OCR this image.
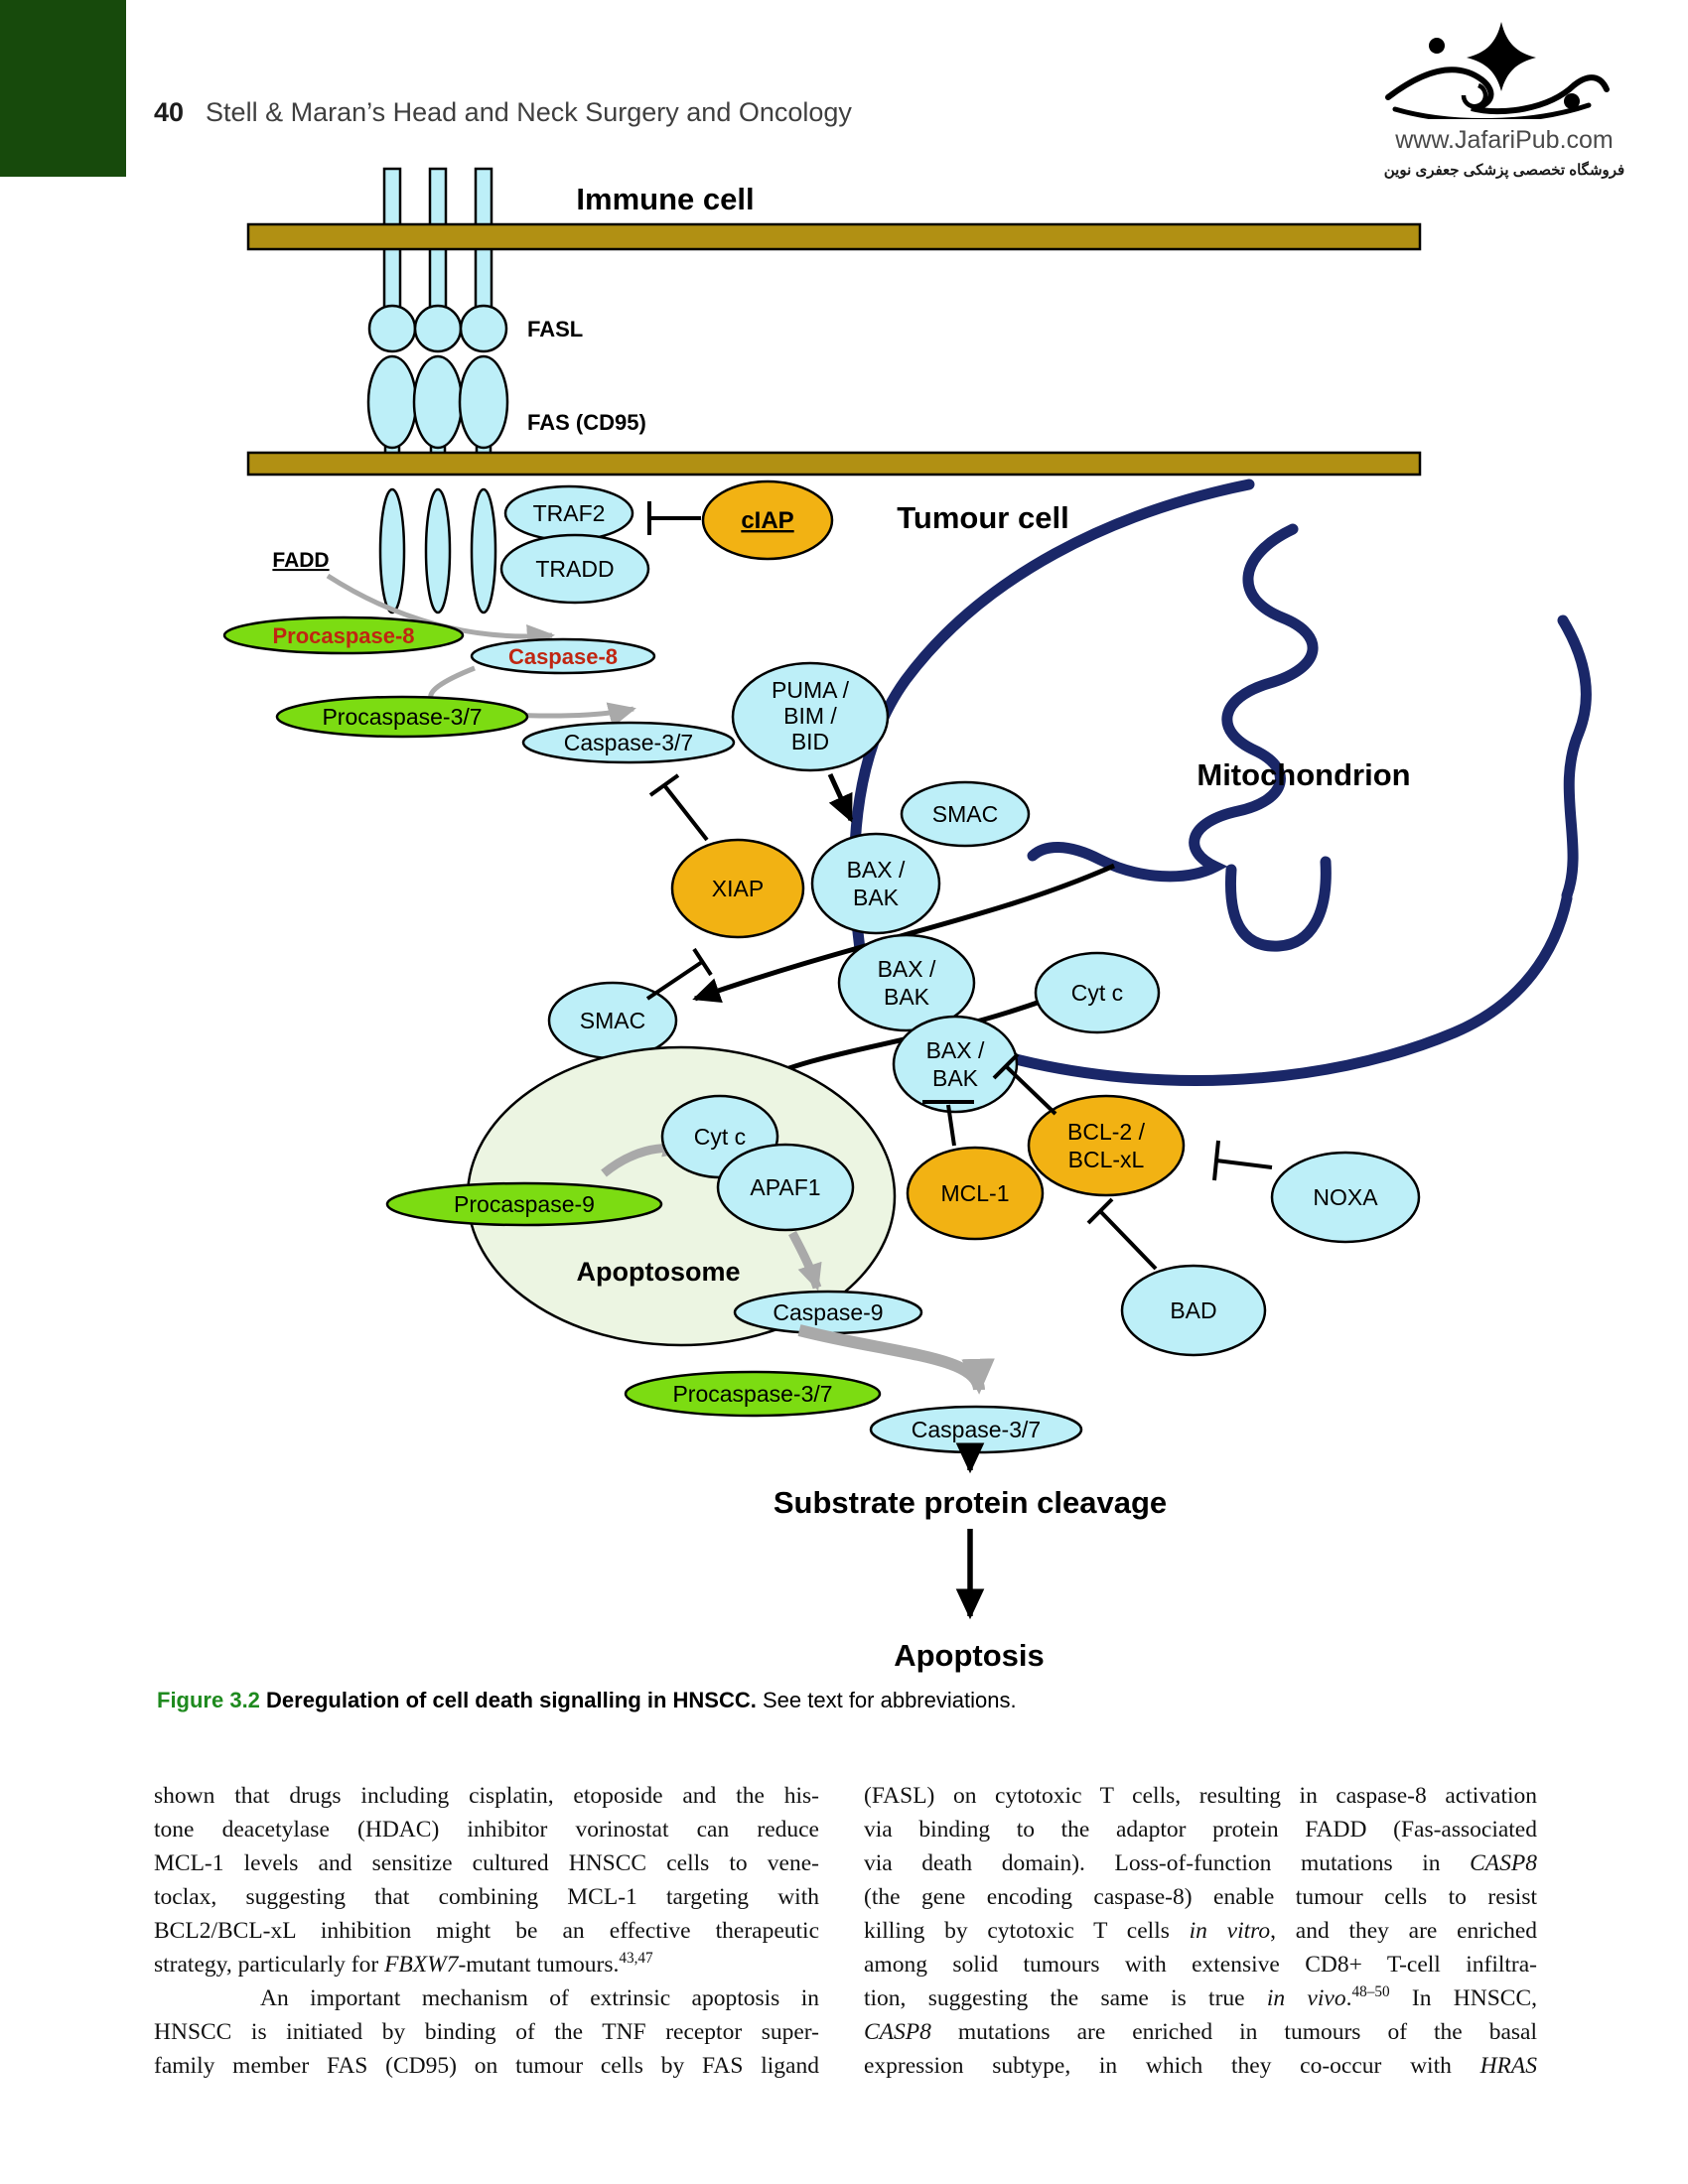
40 Stell & Maran’s Head and Neck Surgery and Oncology
www.JafariPub.com
فروشگاه تخصصی پزشکی جعفری نوین
Immune cell
FASL
FAS (CD95)
Tumour cell
FADD
Mitochondrion
TRAF2
TRADD
cIAP
Procaspase-8
Caspase-8
Procaspase-3/7
Caspase-3/7
PUMA /
BIM /
BID
SMAC
BAX /
BAK
BAX /
BAK	Cyt c
BAX /
BAK
SMAC
XIAP
Cyt c
APAF1
Procaspase-9
Apoptosome
Caspase-9
MCL-1
BCL-2 /
BCL-xL
NOXA
BAD
Procaspase-3/7
Caspase-3/7
Substrate protein cleavage
Apoptosis
Figure 3.2 Deregulation of cell death signalling in HNSCC. See text for abbreviations.
shown that drugs including cisplatin, etoposide and the his-
tone deacetylase (HDAC) inhibitor vorinostat can reduce
MCL-1 levels and sensitize cultured HNSCC cells to vene-
toclax, suggesting that combining MCL-1 targeting with
BCL2/BCL-xL inhibition might be an effective therapeutic
strategy, particularly for FBXW7-mutant tumours.$^{43,47}$
An important mechanism of extrinsic apoptosis in
HNSCC is initiated by binding of the TNF receptor super-
family member FAS (CD95) on tumour cells by FAS ligand
(FASL) on cytotoxic T cells, resulting in caspase-8 activation
via binding to the adaptor protein FADD (Fas-associated
via death domain). Loss-of-function mutations in CASP8
(the gene encoding caspase-8) enable tumour cells to resist
killing by cytotoxic T cells in vitro, and they are enriched
among solid tumours with extensive CD8+ T-cell infiltra-
tion, suggesting the same is true in vivo.$^{48-50}$ In HNSCC,
CASP8 mutations are enriched in tumours of the basal
expression subtype, in which they co-occur with HRAS
